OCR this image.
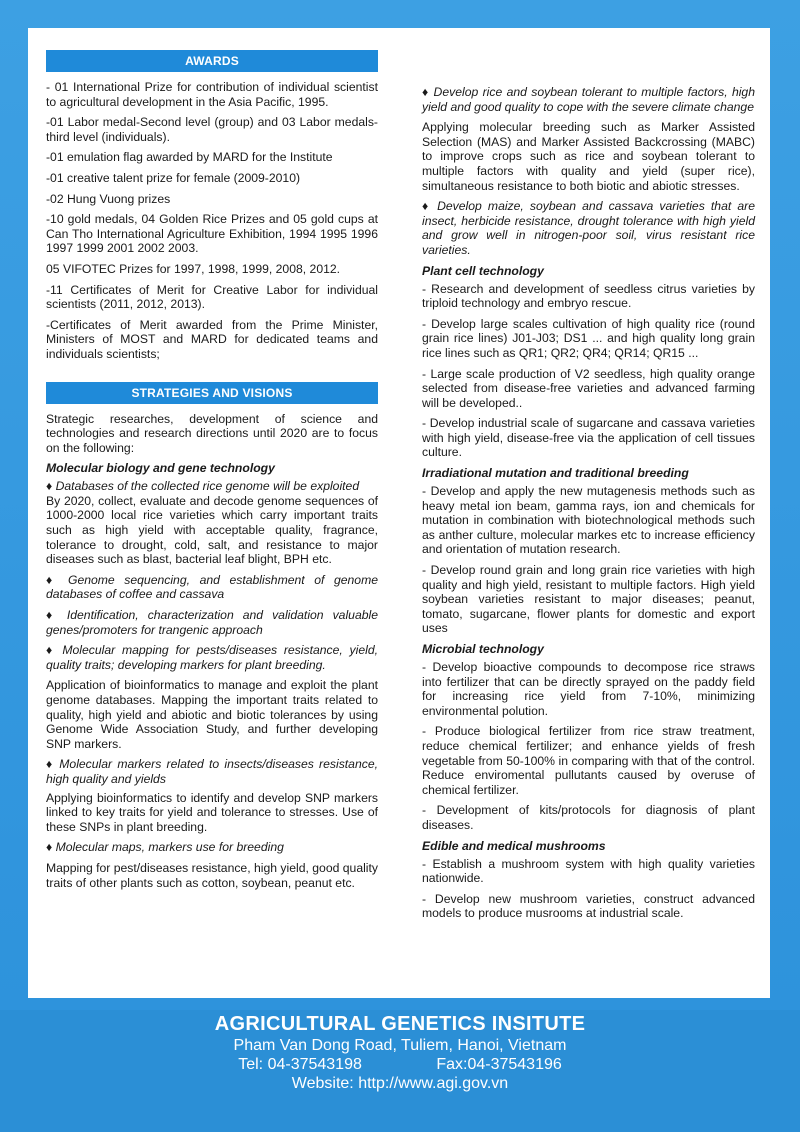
AWARDS

- 01 International Prize for contribution of individual scientist to agricultural development in the Asia Pacific, 1995.

-01 Labor medal-Second level (group) and 03 Labor medals-third level (individuals).

-01 emulation flag awarded by MARD for the Institute

-01 creative talent prize for female (2009-2010)

-02 Hung Vuong prizes

-10 gold medals, 04 Golden Rice Prizes and 05 gold cups at Can Tho International Agriculture Exhibition, 1994 1995 1996 1997 1999 2001 2002 2003.

05 VIFOTEC Prizes for 1997, 1998, 1999, 2008, 2012.

-11 Certificates of Merit for Creative Labor for individual scientists (2011, 2012, 2013).

-Certificates of Merit awarded from the Prime Minister, Ministers of MOST and MARD for dedicated teams and individuals scientists;

STRATEGIES AND VISIONS

Strategic researches, development of science and technologies and research directions until 2020 are to focus on the following:

Molecular biology and gene technology

♦ Databases of the collected rice genome will be exploited

By 2020, collect, evaluate and decode genome sequences of 1000-2000 local rice varieties which carry important traits such as high yield with acceptable quality, fragrance, tolerance to drought, cold, salt, and resistance to major diseases such as blast, bacterial leaf blight, BPH etc.

♦ Genome sequencing, and establishment of genome databases of coffee and cassava

♦ Identification, characterization and validation valuable genes/promoters for trangenic approach

♦ Molecular mapping for pests/diseases resistance, yield, quality traits; developing markers for plant breeding.

Application of bioinformatics to manage and exploit the plant genome databases. Mapping the important traits related to quality, high yield and abiotic and biotic tolerances by using Genome Wide Association Study, and further developing SNP markers.

♦ Molecular markers related to insects/diseases resistance, high quality and yields

Applying bioinformatics to identify and develop SNP markers linked to key traits for yield and tolerance to stresses. Use of these SNPs in plant breeding.

♦ Molecular maps, markers use for breeding

Mapping for pest/diseases resistance, high yield, good quality traits of other plants such as cotton, soybean, peanut etc.

♦ Develop rice and soybean tolerant to multiple factors, high yield and good quality to cope with the severe climate change

Applying molecular breeding such as Marker Assisted Selection (MAS) and Marker Assisted Backcrossing (MABC) to improve crops such as rice and soybean tolerant to multiple factors with quality and yield (super rice), simultaneous resistance to both biotic and abiotic stresses.

♦ Develop maize, soybean and cassava varieties that are insect, herbicide resistance, drought tolerance with high yield and grow well in nitrogen-poor soil, virus resistant rice varieties.

Plant cell technology

- Research and development of seedless citrus varieties by triploid technology and embryo rescue.

- Develop large scales cultivation of high quality rice (round grain rice lines) J01-J03; DS1 ... and high quality long grain rice lines such as QR1; QR2; QR4; QR14; QR15 ...

- Large scale production of V2 seedless, high quality orange selected from disease-free varieties and advanced farming will be developed..

- Develop industrial scale of sugarcane and cassava varieties with high yield, disease-free via the application of cell tissues culture.

Irradiational mutation and traditional breeding

- Develop and apply the new mutagenesis methods such as heavy metal ion beam, gamma rays, ion and chemicals for mutation in combination with biotechnological methods such as anther culture, molecular markes etc to increase efficiency and orientation of mutation research.

- Develop round grain and long grain rice varieties with high quality and high yield, resistant to multiple factors. High yield soybean varieties resistant to major diseases; peanut, tomato, sugarcane, flower plants for domestic and export uses

Microbial technology

- Develop bioactive compounds to decompose rice straws into fertilizer that can be directly sprayed on the paddy field for increasing rice yield from 7-10%, minimizing environmental polution.

- Produce biological fertilizer from rice straw treatment, reduce chemical fertilizer; and enhance yields of fresh vegetable from 50-100% in comparing with that of the control. Reduce enviromental pullutants caused by overuse of chemical fertilizer.

- Development of kits/protocols for diagnosis of plant diseases.

Edible and medical mushrooms

- Establish a mushroom system with high quality varieties nationwide.

- Develop new mushroom varieties, construct advanced models to produce musrooms at industrial scale.

AGRICULTURAL GENETICS INSITUTE
Pham Van Dong Road, Tuliem, Hanoi, Vietnam
Tel: 04-37543198	Fax:04-37543196
Website: http://www.agi.gov.vn
